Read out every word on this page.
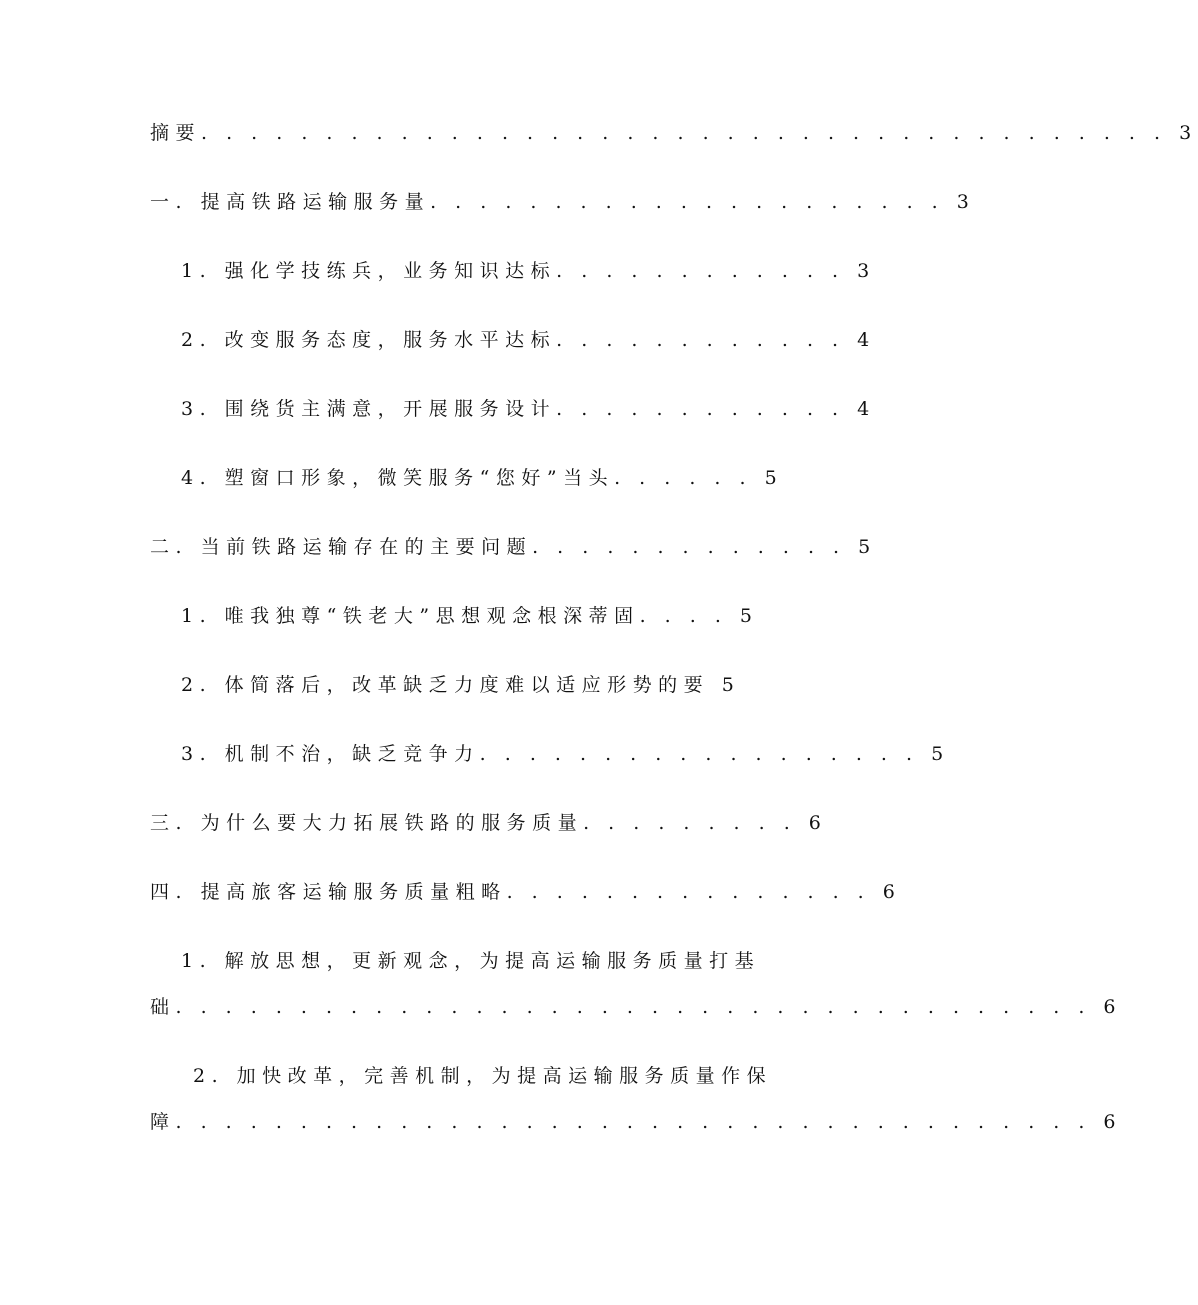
摘要. . . . . . . . . . . . . . . . . . . . . . . . . . . . . . . . . . . . . . . 3
一. 提高铁路运输服务量. . . . . . . . . . . . . . . . . . . . . 3
1. 强化学技练兵，业务知识达标. . . . . . . . . . . . 3
2. 改变服务态度，服务水平达标. . . . . . . . . . . . 4
3. 围绕货主满意，开展服务设计. . . . . . . . . . . . 4
4. 塑窗口形象，微笑服务“您好”当头. . . . . . 5
二. 当前铁路运输存在的主要问题. . . . . . . . . . . . . 5
1. 唯我独尊“铁老大”思想观念根深蒂固. . . . 5
2. 体简落后，改革缺乏力度难以适应形势的要 5
3. 机制不治，缺乏竞争力. . . . . . . . . . . . . . . . . . 5
三. 为什么要大力拓展铁路的服务质量. . . . . . . . . 6
四. 提高旅客运输服务质量粗略. . . . . . . . . . . . . . . 6
1. 解放思想，更新观念，为提高运输服务质量打基
础. . . . . . . . . . . . . . . . . . . . . . . . . . . . . . . . . . . . . 6
2. 加快改革，完善机制，为提高运输服务质量作保
障. . . . . . . . . . . . . . . . . . . . . . . . . . . . . . . . . . . . . 6
